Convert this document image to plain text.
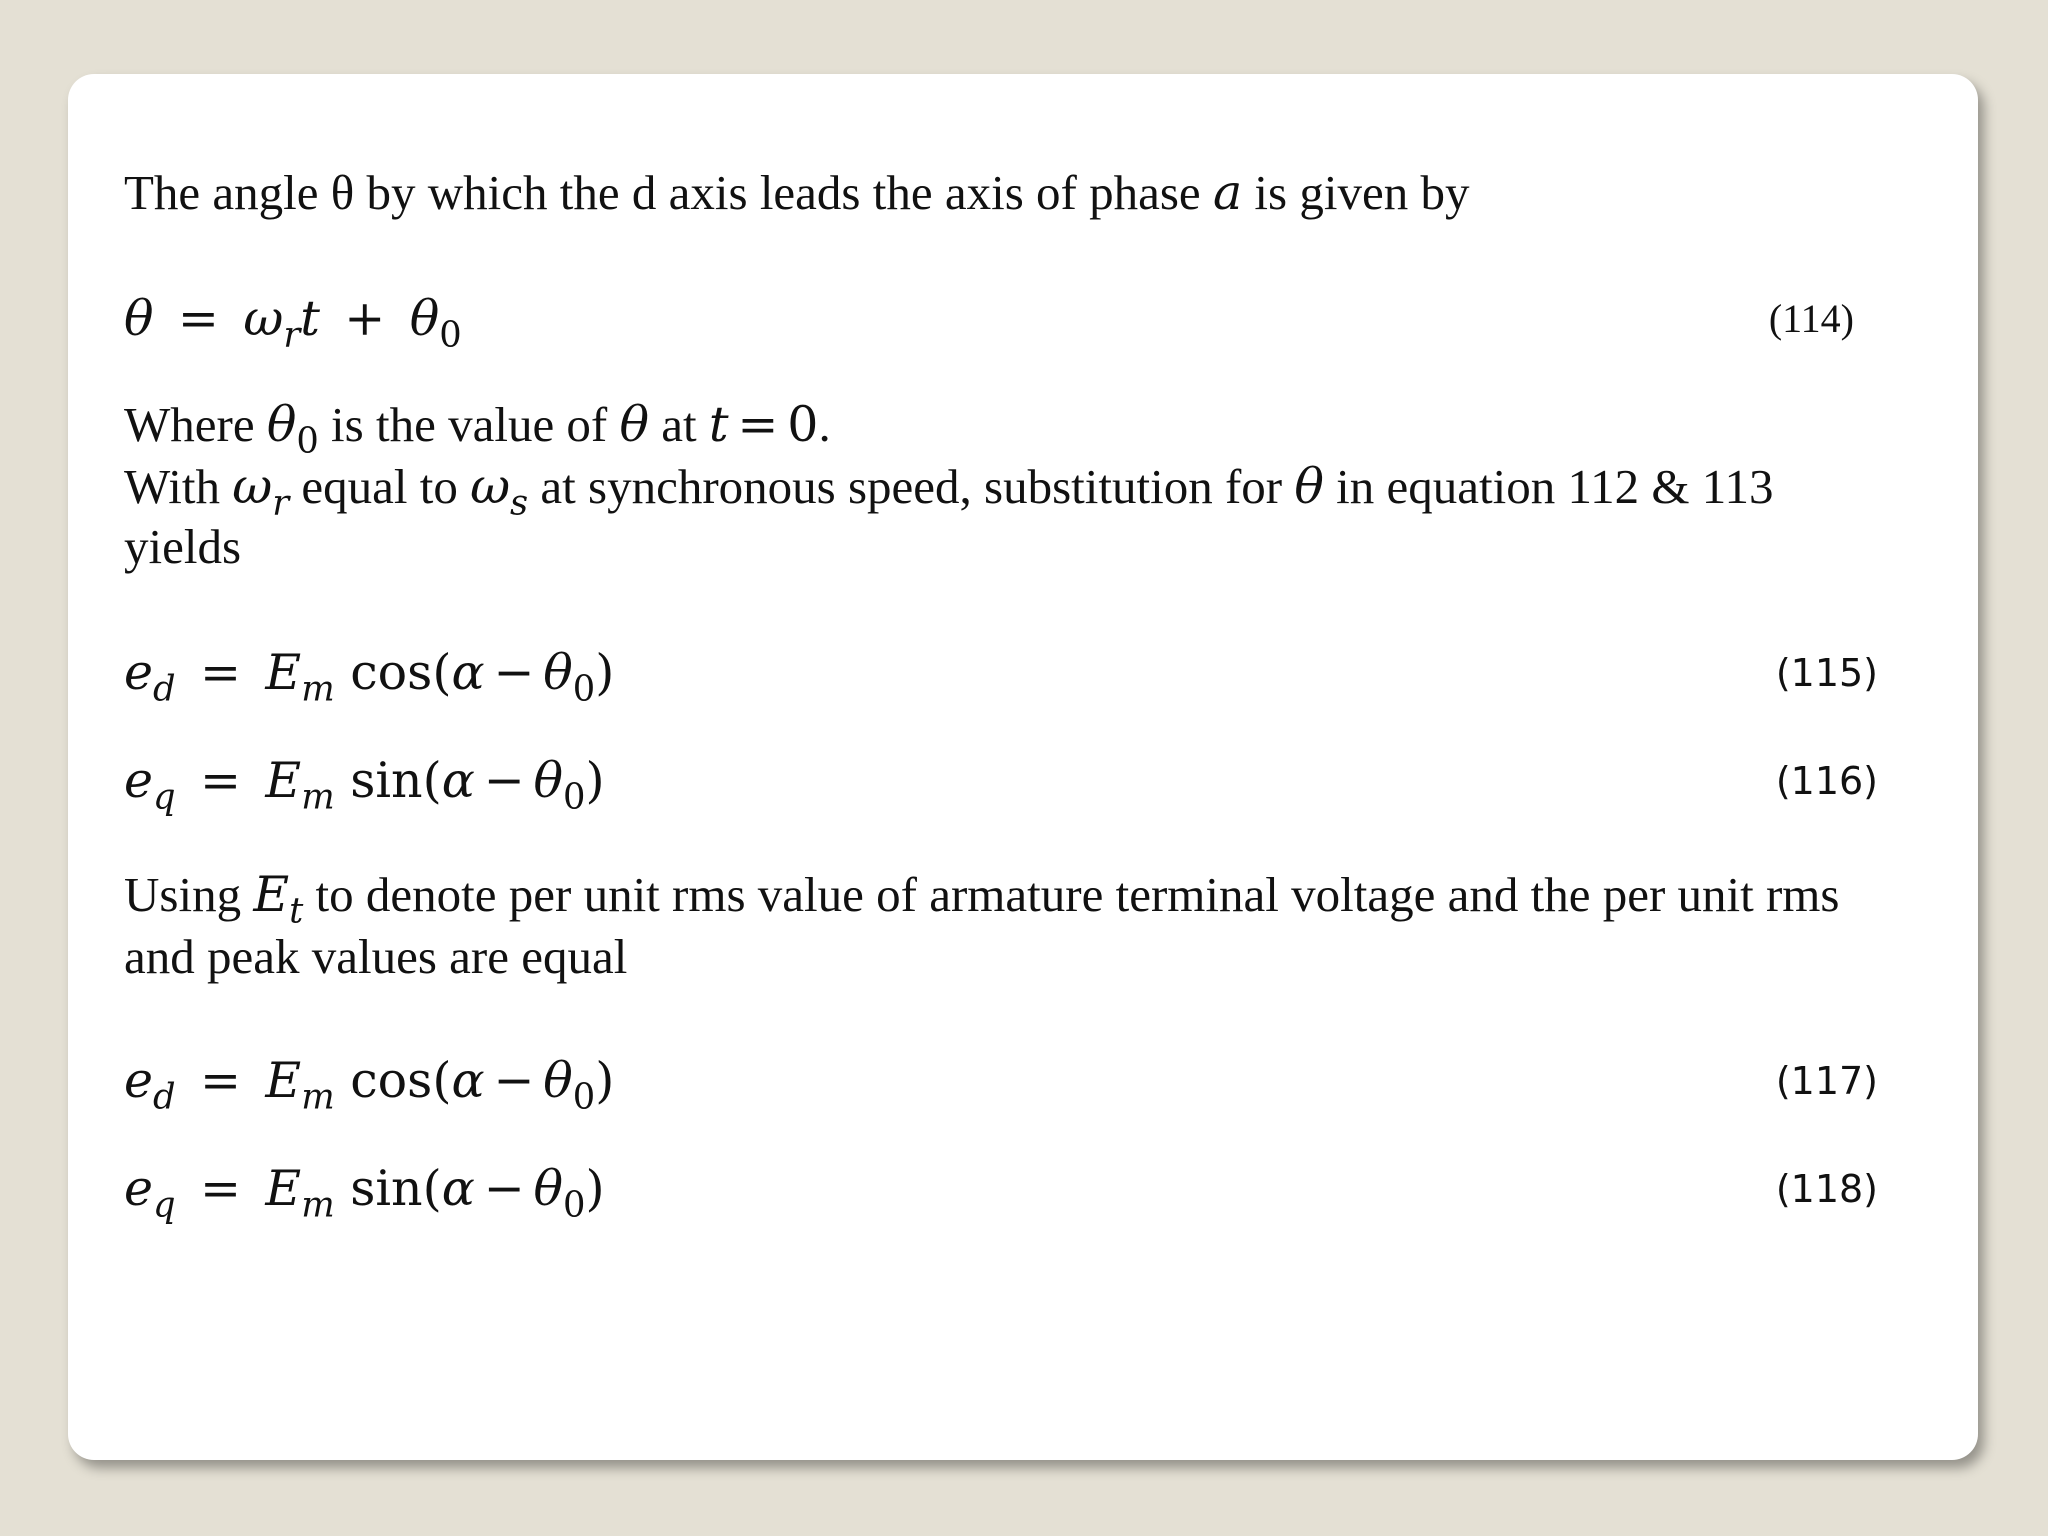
The angle θ by which the d axis leads the axis of phase a is given by
$\theta = \omega_rt + \theta_0$	(114)
Where $\theta_0$ is the value of θ at t = 0.
With $\omega_r$ equal to $\omega_s$ at synchronous speed, substitution for θ in equation 112 & 113
yields
$e_d = E_m$ $\cos(\alpha - \theta_0)$	(115)
$e_q = E_m$ $\sin(\alpha - \theta_0)$	(116)
Using $E_t$ to denote per unit rms value of armature terminal voltage and the per unit rms
and peak values are equal
$e_d = E_m$ $\cos(\alpha - \theta_0)$	(117)
$e_q = E_m$ $\sin(\alpha - \theta_0)$	(118)
